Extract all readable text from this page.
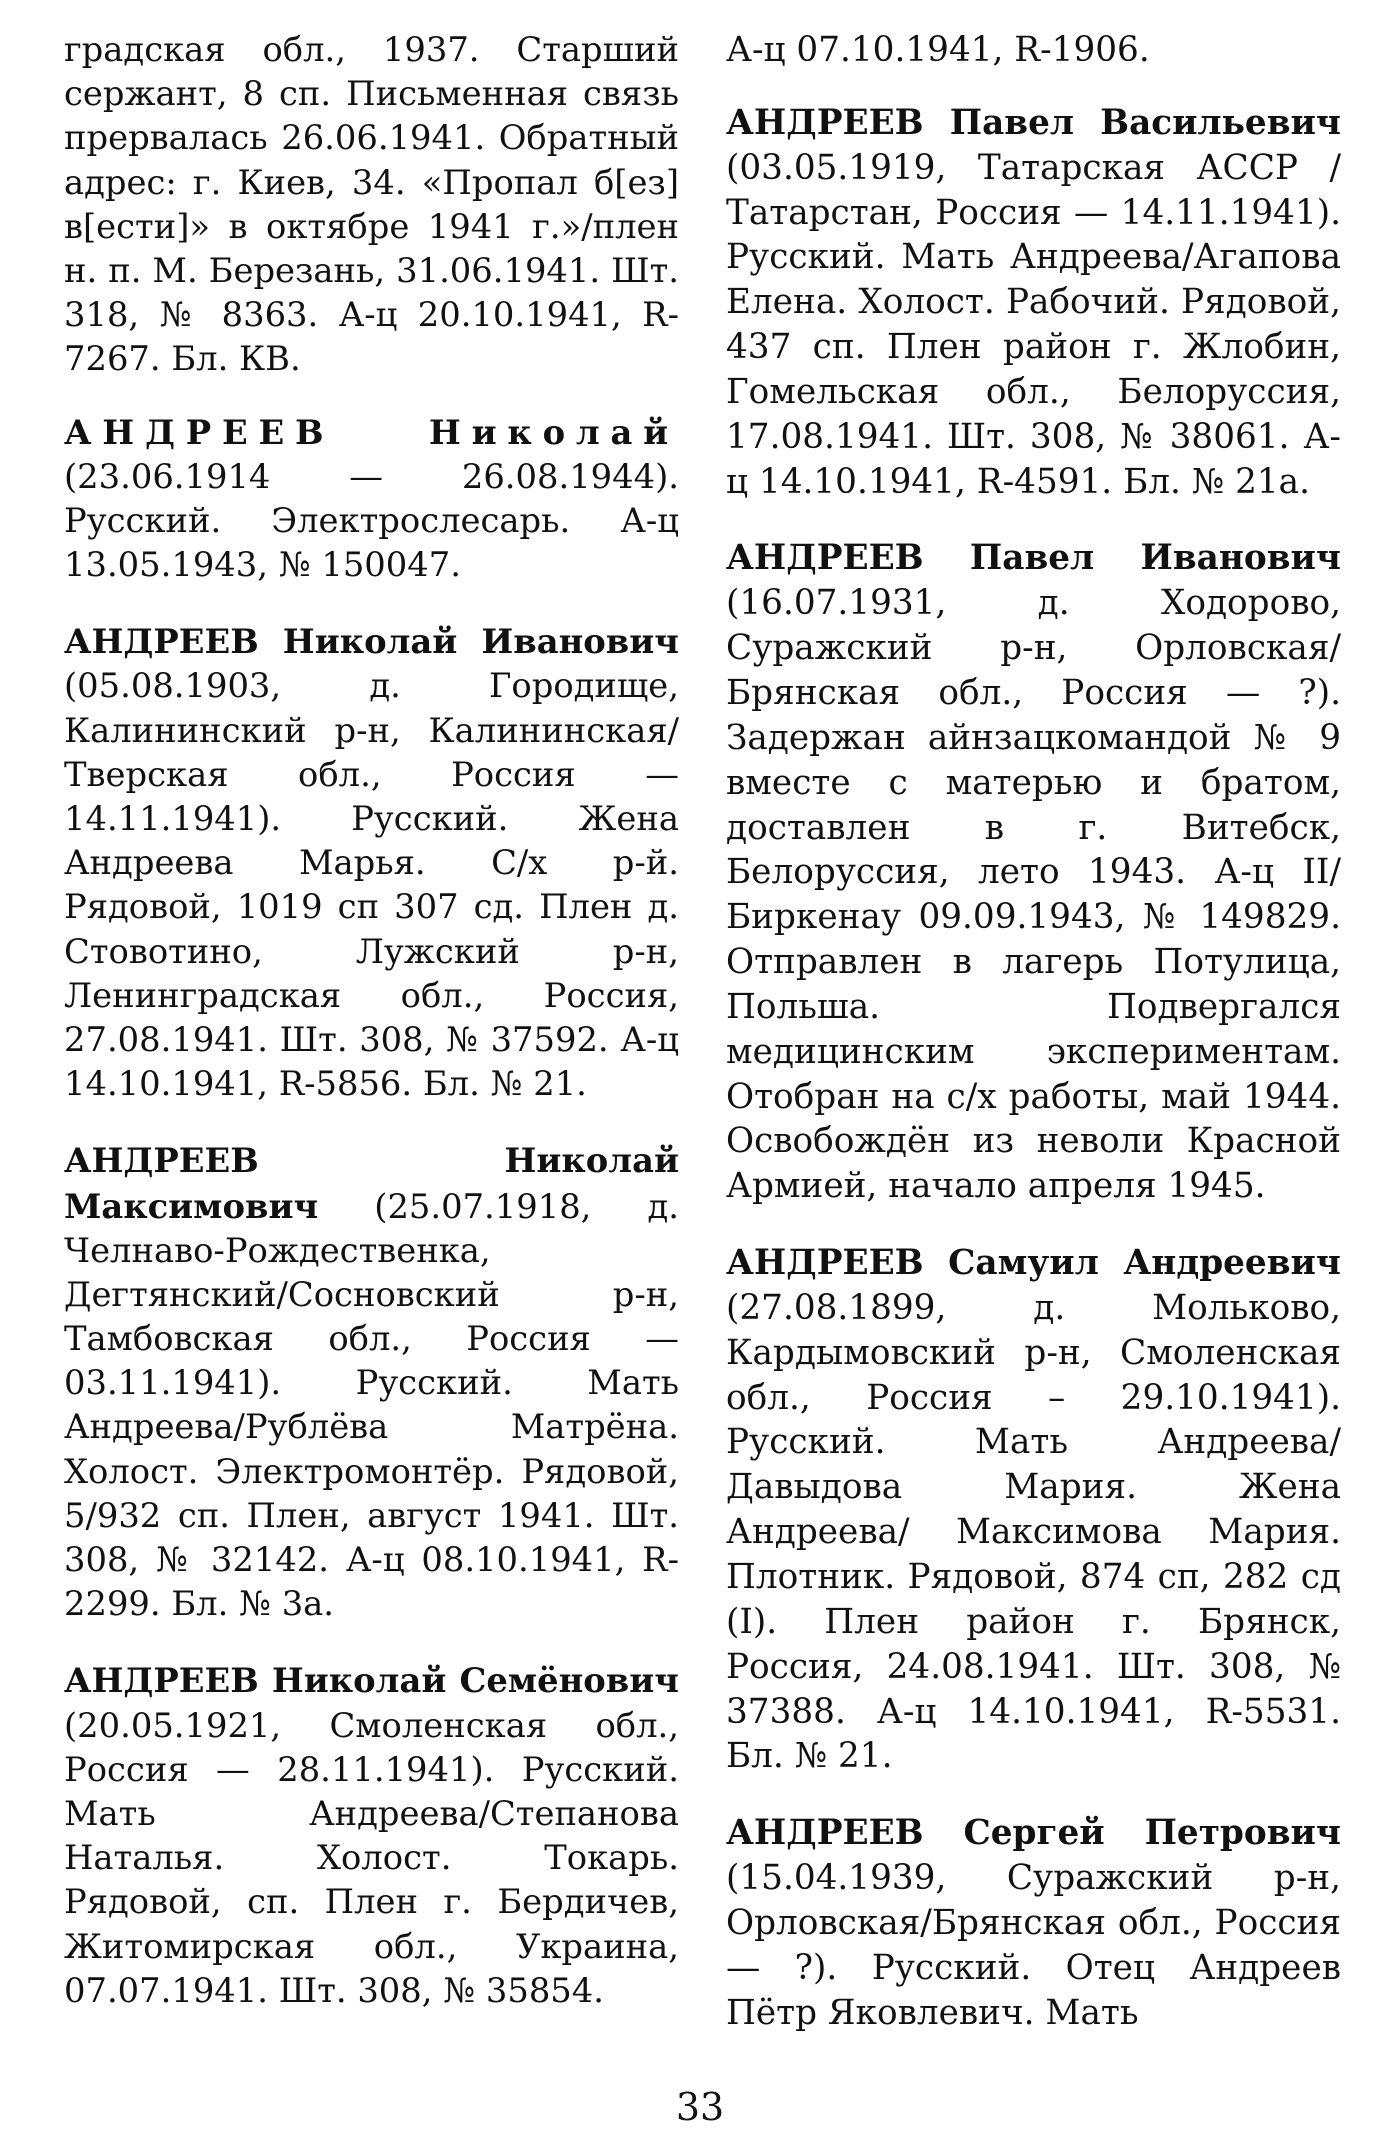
градская обл., 1937. Старший сержант, 8 сп. Письменная связь прервалась 26.06.1941. Обратный адрес: г. Киев, 34. «Пропал б[ез] в[ести]» в октябре 1941 г.»/плен н. п. М. Березань, 31.06.1941. Шт. 318, № 8363. А-ц 20.10.1941, R-7267. Бл. КВ.

АНДРЕЕВ Николай (23.06.1914 — 26.08.1944). Русский. Электрослесарь. А-ц 13.05.1943, № 150047.

АНДРЕЕВ Николай Иванович (05.08.1903, д. Городище, Калининский р-н, Калининская/Тверская обл., Россия — 14.11.1941). Русский. Жена Андреева Марья. С/х р-й. Рядовой, 1019 сп 307 сд. Плен д. Стовотино, Лужский р-н, Ленинградская обл., Россия, 27.08.1941. Шт. 308, № 37592. А-ц 14.10.1941, R-5856. Бл. № 21.

АНДРЕЕВ Николай Максимович (25.07.1918, д. Челнаво-Рождественка, Дегтянский/Сосновский р-н, Тамбовская обл., Россия — 03.11.1941). Русский. Мать Андреева/Рублёва Матрёна. Холост. Электромонтёр. Рядовой, 5/932 сп. Плен, август 1941. Шт. 308, № 32142. А-ц 08.10.1941, R-2299. Бл. № 3а.

АНДРЕЕВ Николай Семёнович (20.05.1921, Смоленская обл., Россия — 28.11.1941). Русский. Мать Андреева/Степанова Наталья. Холост. Токарь. Рядовой, сп. Плен г. Бердичев, Житомирская обл., Украина, 07.07.1941. Шт. 308, № 35854.

А-ц 07.10.1941, R-1906.

АНДРЕЕВ Павел Васильевич (03.05.1919, Татарская АССР / Татарстан, Россия — 14.11.1941). Русский. Мать Андреева/Агапова Елена. Холост. Рабочий. Рядовой, 437 сп. Плен район г. Жлобин, Гомельская обл., Белоруссия, 17.08.1941. Шт. 308, № 38061. А-ц 14.10.1941, R-4591. Бл. № 21а.

АНДРЕЕВ Павел Иванович (16.07.1931, д. Ходорово, Суражский р-н, Орловская/Брянская обл., Россия — ?). Задержан айнзацкомандой № 9 вместе с матерью и братом, доставлен в г. Витебск, Белоруссия, лето 1943. А-ц II/Биркенау 09.09.1943, № 149829. Отправлен в лагерь Потулица, Польша. Подвергался медицинским экспериментам. Отобран на с/х работы, май 1944. Освобождён из неволи Красной Армией, начало апреля 1945.

АНДРЕЕВ Самуил Андреевич (27.08.1899, д. Мольково, Кардымовский р-н, Смоленская обл., Россия – 29.10.1941). Русский. Мать Андреева/Давыдова Мария. Жена Андреева/ Максимова Мария. Плотник. Рядовой, 874 сп, 282 сд (I). Плен район г. Брянск, Россия, 24.08.1941. Шт. 308, № 37388. А-ц 14.10.1941, R-5531. Бл. № 21.

АНДРЕЕВ Сергей Петрович (15.04.1939, Суражский р-н, Орловская/Брянская обл., Россия — ?). Русский. Отец Андреев Пётр Яковлевич. Мать

33
